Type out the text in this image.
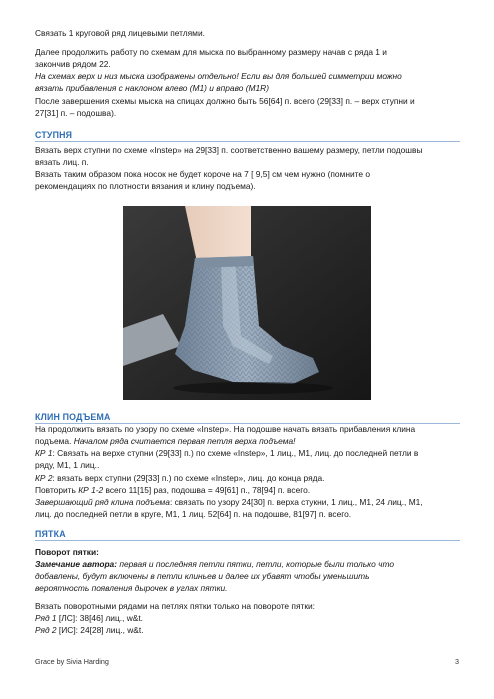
Связать 1 круговой ряд лицевыми петлями.
Далее продолжить работу по схемам для мыска по выбранному размеру начав с ряда 1 и
закончив рядом 22.
На схемах верх и низ мыска изображены отдельно! Если вы для большей симметрии можно
вязать прибавления с наклоном влево (M1) и вправо (M1R)
После завершения схемы мыска на спицах должно быть 56[64] п. всего (29[33] п. – верх ступни и
27[31] п. – подошва).
СТУПНЯ
Вязать верх ступни по схеме «Instep» на 29[33] п. соответственно вашему размеру, петли подошвы
вязать лиц. п.
Вязать таким образом пока носок не будет короче на 7 [ 9,5] см чем нужно (помните о
рекомендациях по плотности вязания и клину подъема).
КЛИН ПОДЪЕМА
На продолжить вязать по узору по схеме «Instep». На подошве начать вязать прибавления клина
подъема. Началом ряда считается первая петля верха подъема!
КР 1: Связать на верхе ступни (29[33] п.) по схеме «Instep», 1 лиц., M1, лиц. до последней петли в
ряду, M1, 1 лиц..
КР 2: вязать верх ступни (29[33] п.) по схеме «Instep», лиц. до конца ряда.
Повторить КР 1-2 всего 11[15] раз, подошва = 49[61] п., 78[94] п. всего.
Завершающий ряд клина подъема: связать по узору 24[30] п. верха стукни, 1 лиц., M1, 24 лиц., M1,
лиц. до последней петли в круге, M1, 1 лиц. 52[64] п. на подошве, 81[97] п. всего.
ПЯТКА
Поворот пятки:
Замечание автора: первая и последняя петли пятки, петли, которые были только что
добавлены, будут включены в петли клиньев и далее их убавят чтобы уменьшить
вероятность появления дырочек в углах пятки.
Вязать поворотными рядами на петлях пятки только на повороте пятки:
Ряд 1 [ЛС]: 38[46] лиц., w&t.
Ряд 2 [ИС]: 24[28] лиц., w&t.
Grace by Sivia Harding	3
